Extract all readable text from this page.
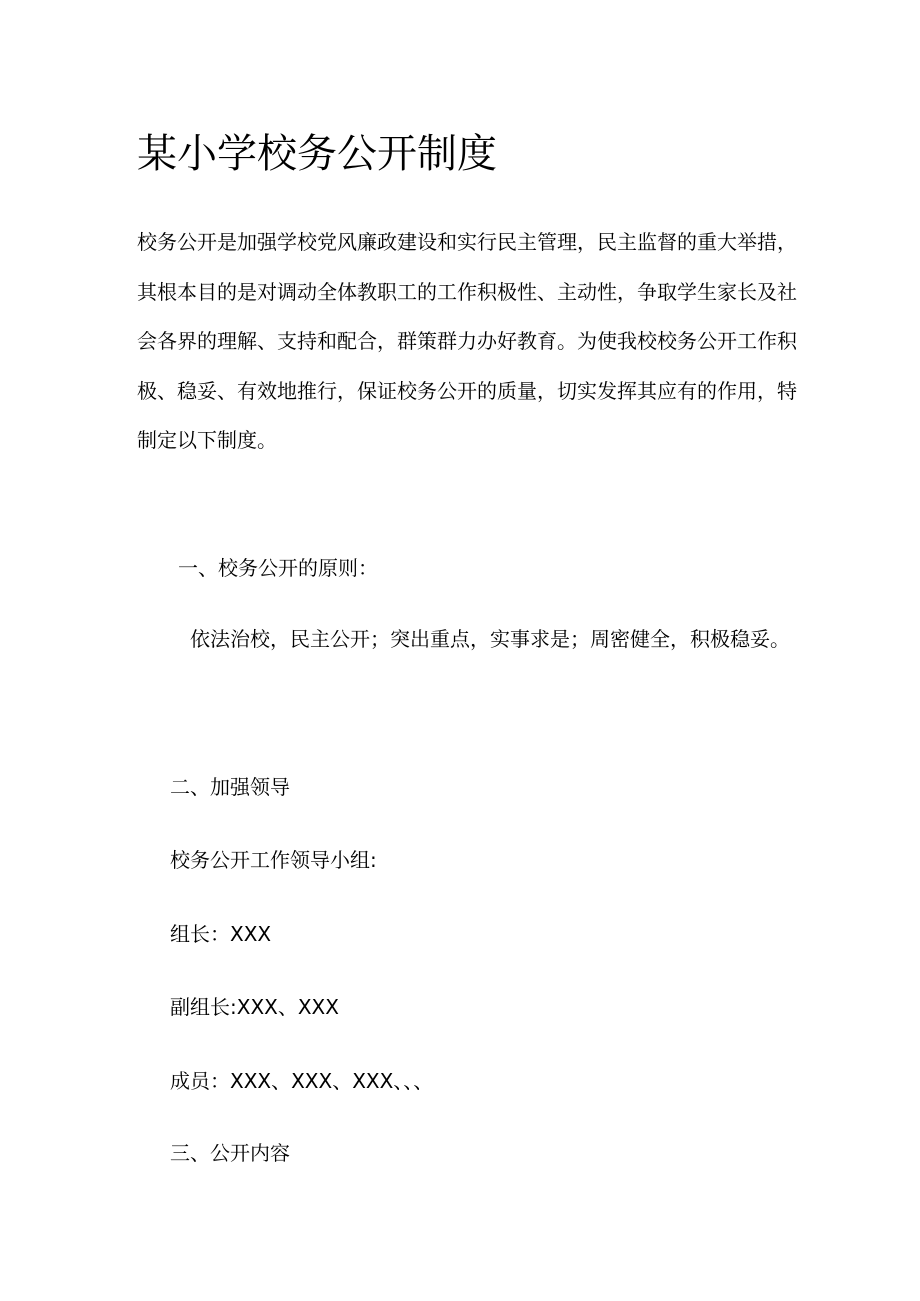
某小学校务公开制度

校务公开是加强学校党风廉政建设和实行民主管理，民主监督的重大举措，其根本目的是对调动全体教职工的工作积极性、主动性，争取学生家长及社会各界的理解、支持和配合，群策群力办好教育。为使我校校务公开工作积极、稳妥、有效地推行，保证校务公开的质量，切实发挥其应有的作用，特制定以下制度。

一、校务公开的原则：

依法治校，民主公开；突出重点，实事求是；周密健全，积极稳妥。

二、加强领导

校务公开工作领导小组:

组长：XXX

副组长:XXX、XXX

成员：XXX、XXX、XXX、、、

三、公开内容
